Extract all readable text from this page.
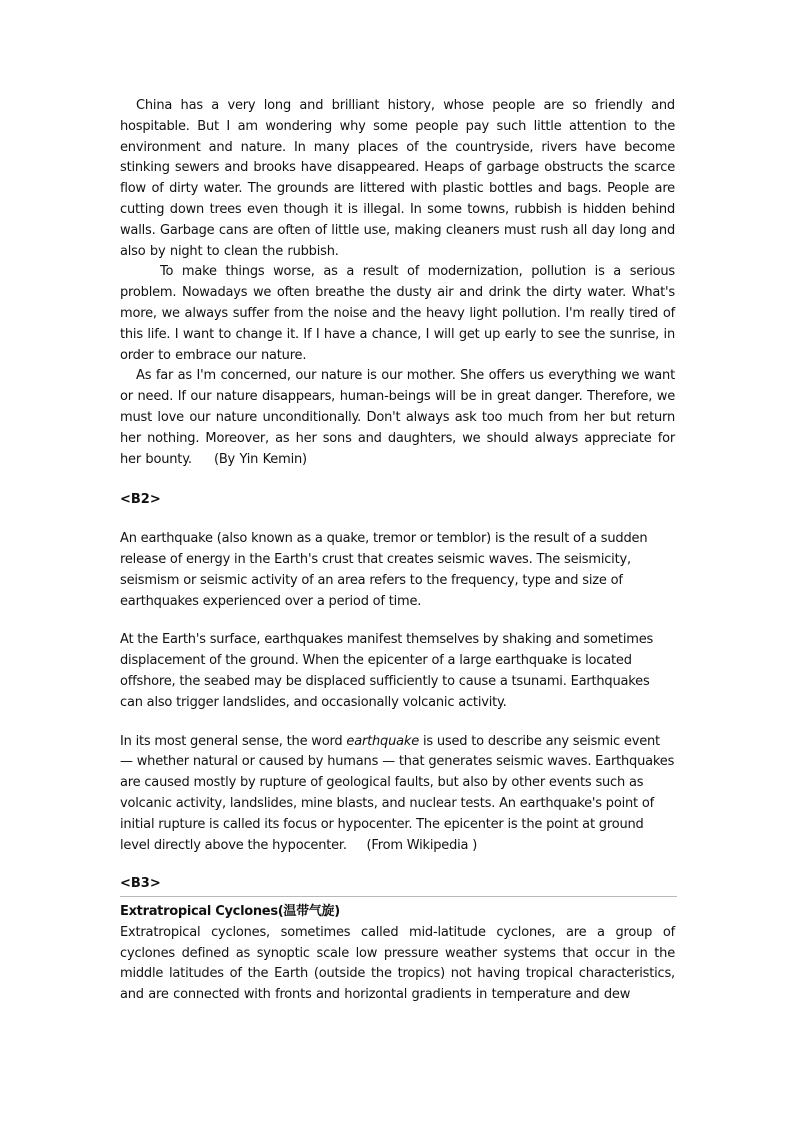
China has a very long and brilliant history, whose people are so friendly and hospitable. But I am wondering why some people pay such little attention to the environment and nature. In many places of the countryside, rivers have become stinking sewers and brooks have disappeared. Heaps of garbage obstructs the scarce flow of dirty water. The grounds are littered with plastic bottles and bags. People are cutting down trees even though it is illegal. In some towns, rubbish is hidden behind walls. Garbage cans are often of little use, making cleaners must rush all day long and also by night to clean the rubbish.

To make things worse, as a result of modernization, pollution is a serious problem. Nowadays we often breathe the dusty air and drink the dirty water. What's more, we always suffer from the noise and the heavy light pollution. I'm really tired of this life. I want to change it. If I have a chance, I will get up early to see the sunrise, in order to embrace our nature.

As far as I'm concerned, our nature is our mother. She offers us everything we want or need. If our nature disappears, human-beings will be in great danger. Therefore, we must love our nature unconditionally. Don't always ask too much from her but return her nothing. Moreover, as her sons and daughters, we should always appreciate for her bounty. (By Yin Kemin)

<B2>

An earthquake (also known as a quake, tremor or temblor) is the result of a sudden release of energy in the Earth's crust that creates seismic waves. The seismicity, seismism or seismic activity of an area refers to the frequency, type and size of earthquakes experienced over a period of time.

At the Earth's surface, earthquakes manifest themselves by shaking and sometimes displacement of the ground. When the epicenter of a large earthquake is located offshore, the seabed may be displaced sufficiently to cause a tsunami. Earthquakes can also trigger landslides, and occasionally volcanic activity.

In its most general sense, the word earthquake is used to describe any seismic event — whether natural or caused by humans — that generates seismic waves. Earthquakes are caused mostly by rupture of geological faults, but also by other events such as volcanic activity, landslides, mine blasts, and nuclear tests. An earthquake's point of initial rupture is called its focus or hypocenter. The epicenter is the point at ground level directly above the hypocenter. (From Wikipedia )

<B3>

Extratropical Cyclones(温带气旋)

Extratropical cyclones, sometimes called mid-latitude cyclones, are a group of cyclones defined as synoptic scale low pressure weather systems that occur in the middle latitudes of the Earth (outside the tropics) not having tropical characteristics, and are connected with fronts and horizontal gradients in temperature and dew
